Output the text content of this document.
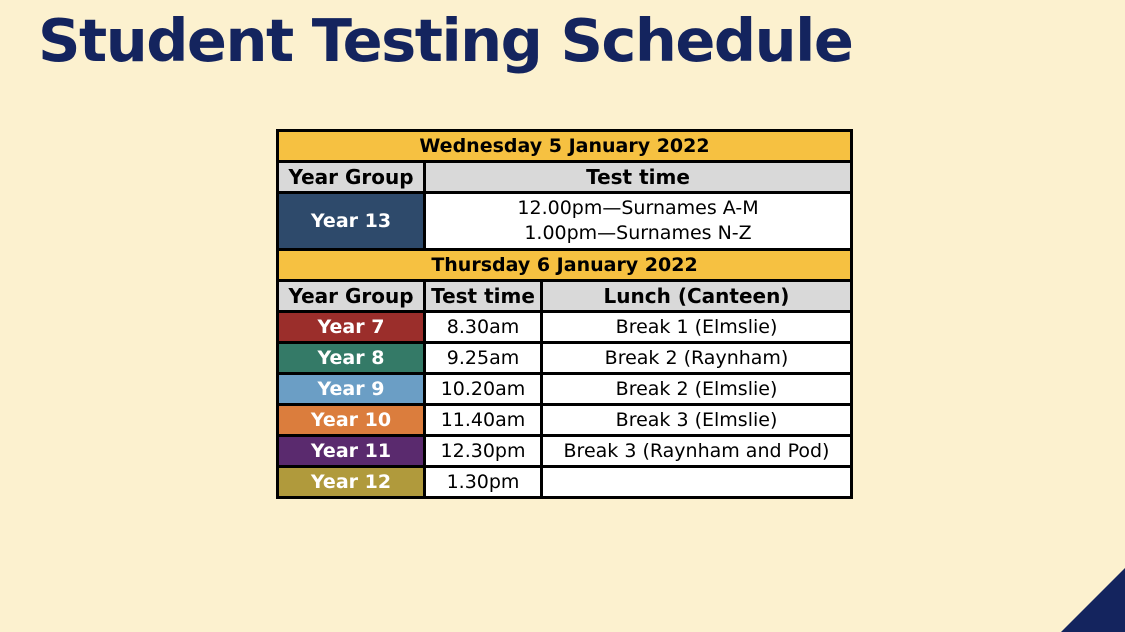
Student Testing Schedule
Wednesday 5 January 2022		
Year Group	Test time	
Year 13	12.00pm—Surnames A-M
1.00pm—Surnames N-Z	

Thursday 6 January 2022		
Year Group	Test time	Lunch (Canteen)
Year 7	8.30am	Break 1 (Elmslie)
Year 8	9.25am	Break 2 (Raynham)
Year 9	10.20am	Break 2 (Elmslie)
Year 10	11.40am	Break 3 (Elmslie)
Year 11	12.30pm	Break 3 (Raynham and Pod)
Year 12	1.30pm	
